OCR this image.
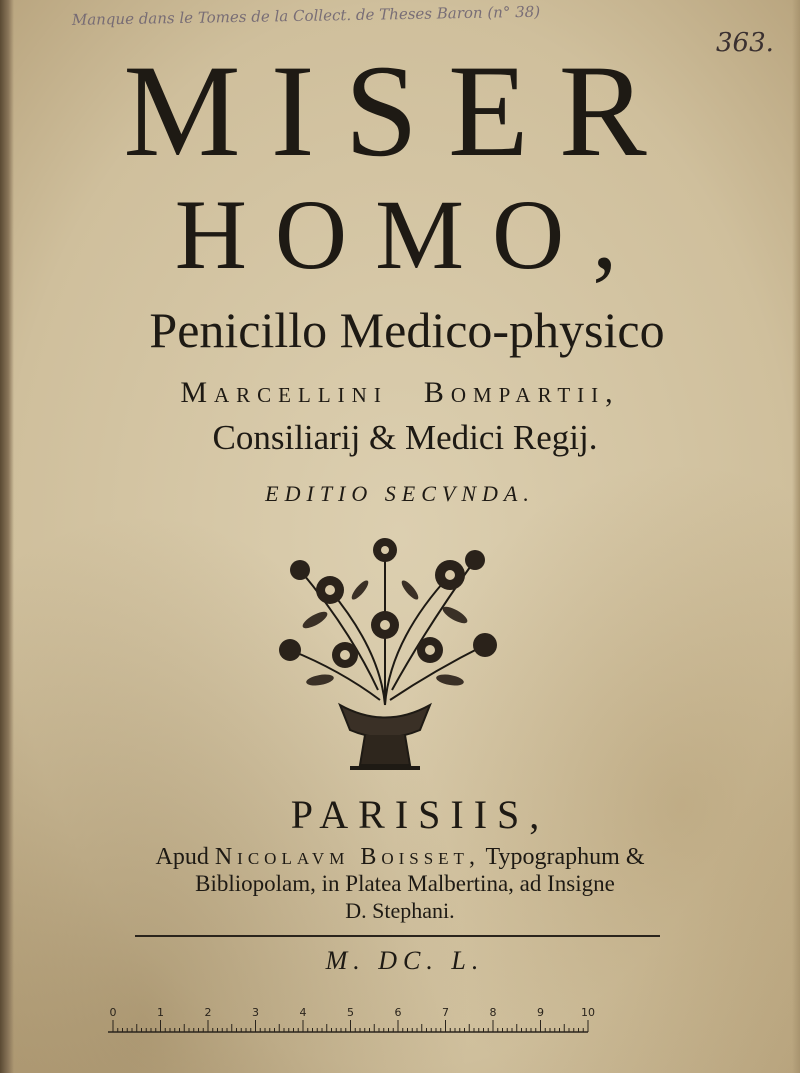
Manque dans le Tomes de la Collect. de Theses Baron (n° 38)
363.
MISER
HOMO,
Penicillo Medico-physico
Marcellini Bompartii,
Consiliarij & Medici Regij.
EDITIO SECVNDA.
PARISIIS,
Apud Nicolavm Boisset, Typographum &
Bibliopolam, in Platea Malbertina, ad Insigne
D. Stephani.
M. DC. L.
0	1	2	3	4	5	6	7	8	9	10
